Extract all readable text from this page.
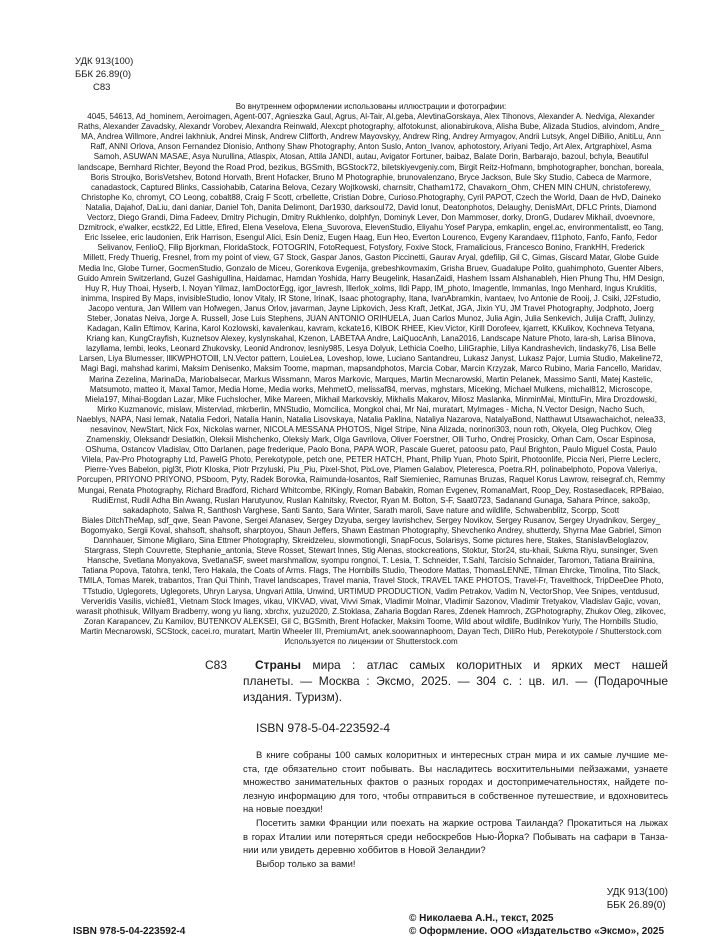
УДК 913(100)
ББК 26.89(0)
С83
Во внутреннем оформлении использованы иллюстрации и фотографии:
4045, 54613, Ad_hominem, Aeroimagen, Agent-007, Agnieszka Gaul, Agrus, Al-Tair, Al.geba, AlevtinaGorskaya, Alex Tihonovs, Alexander A. Nedviga, Alexander
Raths, Alexander Zavadsky, Alexandr Vorobev, Alexandra Reinwald, Alexcpt photography, alfotokunst, alionabirukova, Alisha Bube, Alizada Studios, alvindom, Andre_
MA, Andrea Willmore, Andrei Iakhniuk, Andrei Minsk, Andrew Clifforth, Andrew Mayovskyy, Andrew Ring, Andrey Armyagov, Andrii Lutsyk, Angel DiBilio, AnitiLu, Ann
Raff, ANNI Orlova, Anson Fernandez Dionisio, Anthony Shaw Photography, Anton Suslo, Anton_Ivanov, aphotostory, Ariyani Tedjo, Art Alex, Artgraphixel, Asma
Samoh, ASUWAN MASAE, Asya Nurullina, Atlaspix, Atosan, Attila JANDI, autau, Avigator Fortuner, baibaz, Balate Dorin, Barbarajo, bazoul, bchyla, Beautiful
landscape, Bernhard Richter, Beyond the Road Prod, bezikus, BGSmith, BGStock72, biletskiyevgeniy.com, Birgit Reitz-Hofmann, bmphotographer, bonchan, boreala,
Boris Stroujko, BorisVetshev, Botond Horvath, Brent Hofacker, Bruno M Photographie, brunovalenzano, Bryce Jackson, Bule Sky Studio, Cabeca de Marmore,
canadastock, Captured Blinks, Cassiohabib, Catarina Belova, Cezary Wojtkowski, charnsitr, Chatham172, Chavakorn_Ohm, CHEN MIN CHUN, christoferewy,
Christophe Ko, chromyt, CO Leong, cobalt88, Craig F Scott, crbellette, Cristian Dobre, Curioso.Photography, Cyril PAPOT, Czech the World, Daan de HvD, Daineko
Natalia, Dajahof, DaLiu, dani daniar, Daniel Toh, Danita Delimont, Dar1930, darksoul72, David Ionut, Deatonphotos, Delaughy, DenisMArt, DFLC Prints, Diamond
Vectorz, Diego Grandi, Dima Fadeev, Dmitry Pichugin, Dmitry Rukhlenko, dolphfyn, Dominyk Lever, Don Mammoser, dorky, DronG, Dudarev Mikhail, dvoevnore,
Dzmitrock, e'walker, ecstk22, Ed Little, Efired, Elena Veselova, Elena_Suvorova, ElevenStudio, Eliyahu Yosef Parypa, emkaplin, engel.ac, environmentalistt, eo Tang,
Eric Isselee, eric laudonien, Erik Harrison, Esengul Alici, Esin Deniz, Eugen Haag, Eun Heo, Everton Lourenco, Evgeny Karandaev, f11photo, Fanfo, Fanfo, Fedor
Selivanov, FenlioQ, Filip Bjorkman, FloridaStock, FOTOGRIN, FotoRequest, Fotysfory, Foxive Stock, Framalicious, Francesco Bonino, FrankHH, Frederick
Millett, Fredy Thuerig, Fresnel, from my point of view, G7 Stock, Gaspar Janos, Gaston Piccinetti, Gaurav Aryal, gdefilip, Gil C, Gimas, Giscard Matar, Globe Guide
Media Inc, Globe Turner, GocmenStudio, Gonzalo de Miceu, Gorenkova Evgenija, grebeshkovmaxim, Grisha Bruev, Guadalupe Polito, guahimphoto, Guenter Albers,
Guido Amrein Switzerland, Guzel Gashigullina, Haidamac, Hamdan Yoshida, Harry Beugelink, HasanZaidi, Hashem Issam Alshanableh, Hien Phung Thu, HM Design,
Huy R, Huy Thoai, Hyserb, I. Noyan Yilmaz, IamDoctorEgg, igor_lavresh, Illerlok_xolms, Ildi Papp, IM_photo, Imagentle, Immanlas, Ingo Menhard, Ingus Kruklitis,
inimma, Inspired By Maps, invisibleStudio, Ionov Vitaly, IR Stone, IrinaK, Isaac photography, Itana, IvanAbramkin, ivantaev, Ivo Antonie de Rooij, J. Csiki, J2Fstudio,
Jacopo ventura, Jan Willem van Hofwegen, Janus Orlov, javarman, Jayne Lipkovich, Jess Kraft, JetKat, JGA, Jixin YU, JM Travel Photography, Jodphoto, Joerg
Steber, Jonatas Neiva, Jorge A. Russell, Jose Luis Stephens, JUAN ANTONIO ORIHUELA, Juan Carlos Munoz, Julia Agin, Julia Senkevich, Julija Crafft, Julinzy,
Kadagan, Kalin Eftimov, Karina, Karol Kozlowski, kavalenkau, kavram, kckate16, KIBOK RHEE, Kiev.Victor, Kirill Dorofeev, kjarrett, KKulikov, Kochneva Tetyana,
Kriang kan, KungCrayfish, Kuznetsov Alexey, kyslynskahal, Kzenon, LABETAA Andre, LaiQuocAnh, Lana2016, Landscape Nature Photo, lara-sh, Larisa Blinova,
lazyllama, lembi, leoks, Leonard Zhukovsky, Leonid Andronov, lesniy985, Lesya Dolyuk, Lethicia Coelho, LiliGraphie, Liliya Kandrashevich, lindasky76, Lisa Belle
Larsen, Liya Blumesser, lllKWPHOTOlll, LN.Vector pattern, LouieLea, Loveshop, lowe, Luciano Santandreu, Lukasz Janyst, Lukasz Pajor, Lumia Studio, Makeline72,
Magi Bagi, mahshad karimi, Maksim Denisenko, Maksim Toome, mapman, mapsandphotos, Marcia Cobar, Marcin Krzyzak, Marco Rubino, Maria Fancello, Maridav,
Marina Zezelina, MarinaDa, Mariobalsecar, Markus Wissmann, Maros Markovic, Marques, Martin Mecnarowski, Martin Pelanek, Massimo Santi, Matej Kastelic,
Matsumoto, matteo it, Maxal Tamor, Media Home, Media works, MehmetO, melissaf84, mervas, mghstars, Miceking, Michael Mulkens, michal812, Microscope,
Miela197, Mihai-Bogdan Lazar, Mike Fuchslocher, Mike Mareen, Mikhail Markovskiy, Mikhalis Makarov, Milosz Maslanka, MinminMai, MinttuFin, Mira Drozdowski,
Mirko Kuzmanovic, mislaw, Mistervlad, mkrberlin, MNStudio, Momcilica, Mongkol chai, Mr Nai, muratart, MyImages - Micha, N.Vector Design, Nacho Such,
Naeblys, NAPA, Nasi lemak, Natalia Fedori, Natalia Hanin, Natalia Lisovskaya, Natalia Paklina, Nataliya Nazarova, NatalyaBond, Natthawut Utsawachaichot, nelea33,
nesavinov, NewStart, Nick Fox, Nickolas warner, NICOLA MESSANA PHOTOS, Nigel Stripe, Nina Alizada, norinori303, noun roth, Okyela, Oleg Puchkov, Oleg
Znamenskiy, Oleksandr Desiatkin, Oleksii Mishchenko, Oleksiy Mark, Olga Gavrilova, Oliver Foerstner, Olli Turho, Ondrej Prosicky, Orhan Cam, Oscar Espinosa,
OShuma, Ostancov Vladislav, Otto Darlanen, page frederique, Paolo Bona, PAPA WOR, Pascale Gueret, patoosu pato, Paul Brighton, Paulo Miguel Costa, Paulo
Vilela, Pav-Pro Photography Ltd, PawelG Photo, Perekotypole, petch one, PETER HATCH, Phant, Philip Yuan, Photo Spirit, Photoonlife, Piccia Neri, Pierre Leclerc,
Pierre-Yves Babelon, pigl3t, Piotr Kloska, Piotr Przyluski, Piu_Piu, Pixel-Shot, PixLove, Plamen Galabov, Pleteresca, Poetra.RH, polinabelphoto, Popova Valeriya,
Porcupen, PRIYONO PRIYONO, PSboom, Pyty, Radek Borovka, Raimunda-losantos, Ralf Siemieniec, Ramunas Bruzas, Raquel Korus Lawrow, reisegraf.ch, Remmy
Mungai, Renata Photography, Richard Bradford, Richard Whitcombe, RKingly, Roman Babakin, Roman Evgenev, RomanaMart, Roop_Dey, Rostasedlacek, RPBaiao,
RudiErnst, Rudil Adha Bin Awang, Ruslan Harutyunov, Ruslan Kalnitsky, Rvector, Ryan M. Bolton, S-F, Saat0723, Sadanand Gunaga, Sahara Prince, sako3p,
sakadaphoto, Salwa R, Santhosh Varghese, Santi Santo, Sara Winter, Sarath maroli, Save nature and wildlife, Schwabenblitz, Scorpp, Scott
Biales DitchTheMap, sdf_qwe, Sean Pavone, Sergei Afanasev, Sergey Dzyuba, sergey lavrishchev, Sergey Novikov, Sergey Rusanov, Sergey Uryadnikov, Sergey_
Bogomyako, Sergii Koval, shahsoft, shahsoft, sharptoyou, Shaun Jeffers, Shawn Eastman Photography, Shevchenko Andrey, shutterdy, Shyrna Mae Gabriel, Simon
Dannhauer, Simone Migliaro, Sina Ettmer Photography, Skreidzeleu, slowmotiongli, SnapFocus, Solarisys, Some pictures here, Stakes, StanislavBeloglazov,
Stargrass, Steph Couvrette, Stephanie_antonia, Steve Rosset, Stewart Innes, Stig Alenas, stockcreations, Stoktur, Stor24, stu-khaii, Sukma Riyu, sunsinger, Sven
Hansche, Svetlana Monyakova, SvetlanaSF, sweet marshmallow, syompu rongnoi, T. Lesia, T. Schneider, T.Sahl, Tarcisio Schnaider, Taromon, Tatiana Braiinina,
Tatiana Popova, Tatohra, tenkl, Tero Hakala, the Coats of Arms. Flags, The Hornbills Studio, Theodore Mattas, ThomasLENNE, Tilman Ehrcke, Timolina, Tito Slack,
TMILA, Tomas Marek, trabantos, Tran Qui Thinh, Travel landscapes, Travel mania, Travel Stock, TRAVEL TAKE PHOTOS, Travel-Fr, Travelthock, TripDeeDee Photo,
TTstudio, Uglegorets, Uglegorets, Uhryn Larysa, Ungvari Attila, Unwind, URTIMUD PRODUCTION, Vadim Petrakov, Vadim N, VectorShop, Vee Snipes, ventdusud,
Ververidis Vasilis, vichie81, Vietnam Stock Images, vikau, VIKVAD, vivat, Vivvi Smak, Vladimir Molnar, Vladimir Sazonov, Vladimir Tretyakov, Vladislav Gajic, vovan,
warasit phothisuk, Willyam Bradberry, wong yu liang, xbrchx, yuzu2020, Z.Stoklasa, Zaharia Bogdan Rares, Zdenek Hamroch, ZGPhotography, Zhukov Oleg, zlikovec,
Zoran Karapancev, Zu Kamilov, BUTENKOV ALEKSEI, Gil C, BGSmith, Brent Hofacker, Maksim Toome, Wild about wildlife, Budilnikov Yuriy, The Hornbills Studio,
Martin Mecnarowski, SCStock, cacei.ro, muratart, Martin Wheeler III, PremiumArt, anek.soowannaphoom, Dayan Tech, DiliRo Hub, Perekotypole / Shutterstock.com
Используется по лицензии от Shutterstock.com
С83	Страны мира : атлас самых колоритных и ярких мест нашей
планеты. — Москва : Эксмо, 2025. — 304 с. : цв. ил. — (Подарочные
издания. Туризм).
ISBN 978-5-04-223592-4
В книге собраны 100 самых колоритных и интересных стран мира и их самые лучшие ме-
ста, где обязательно стоит побывать. Вы насладитесь восхитительными пейзажами, узнаете
множество занимательных фактов о разных городах и достопримечательностях, найдете по-
лезную информацию для того, чтобы отправиться в собственное путешествие, и вдохновитесь
на новые поездки!
Посетить замки Франции или поехать на жаркие острова Таиланда? Прокатиться на лыжах
в горах Италии или потеряться среди небоскребов Нью-Йорка? Побывать на сафари в Танза-
нии или увидеть деревню хоббитов в Новой Зеландии?
Выбор только за вами!
УДК 913(100)
ББК 26.89(0)
© Николаева А.Н., текст, 2025
© Оформление. ООО «Издательство «Эксмо», 2025
ISBN 978-5-04-223592-4
